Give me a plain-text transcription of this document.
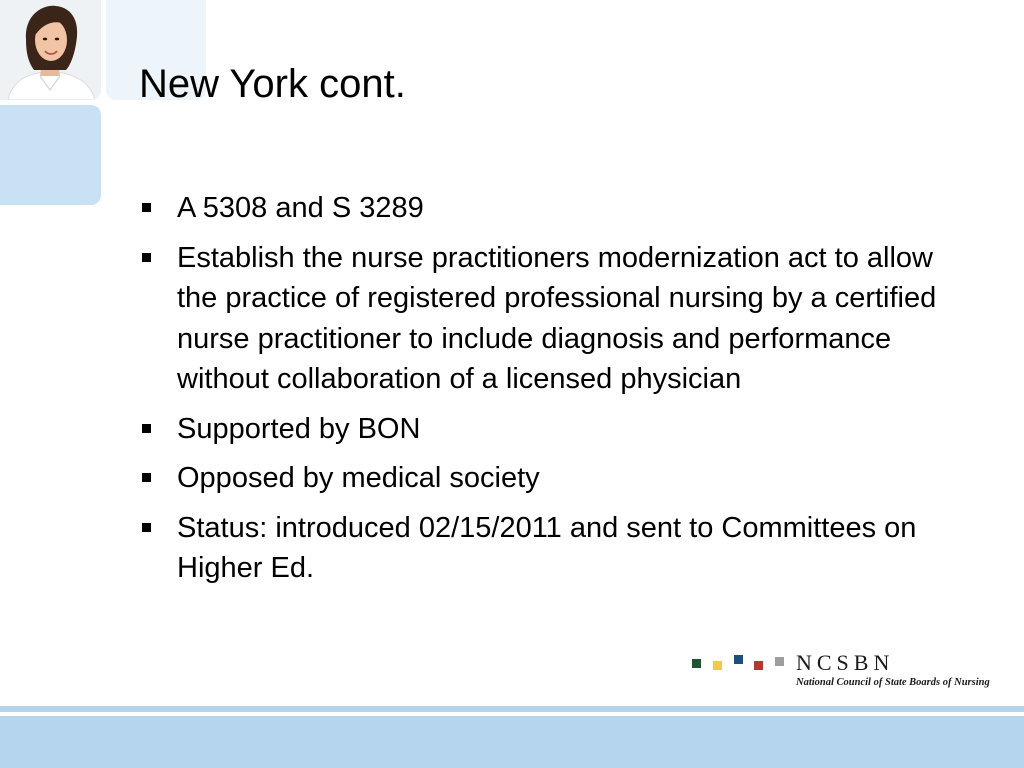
New York cont.
A 5308 and S 3289
Establish the nurse practitioners modernization act to allow the practice of registered professional nursing by a certified nurse practitioner to include diagnosis and performance without collaboration of a licensed physician
Supported by BON
Opposed by medical society
Status: introduced 02/15/2011 and sent to Committees on Higher Ed.
NCSBN
National Council of State Boards of Nursing
